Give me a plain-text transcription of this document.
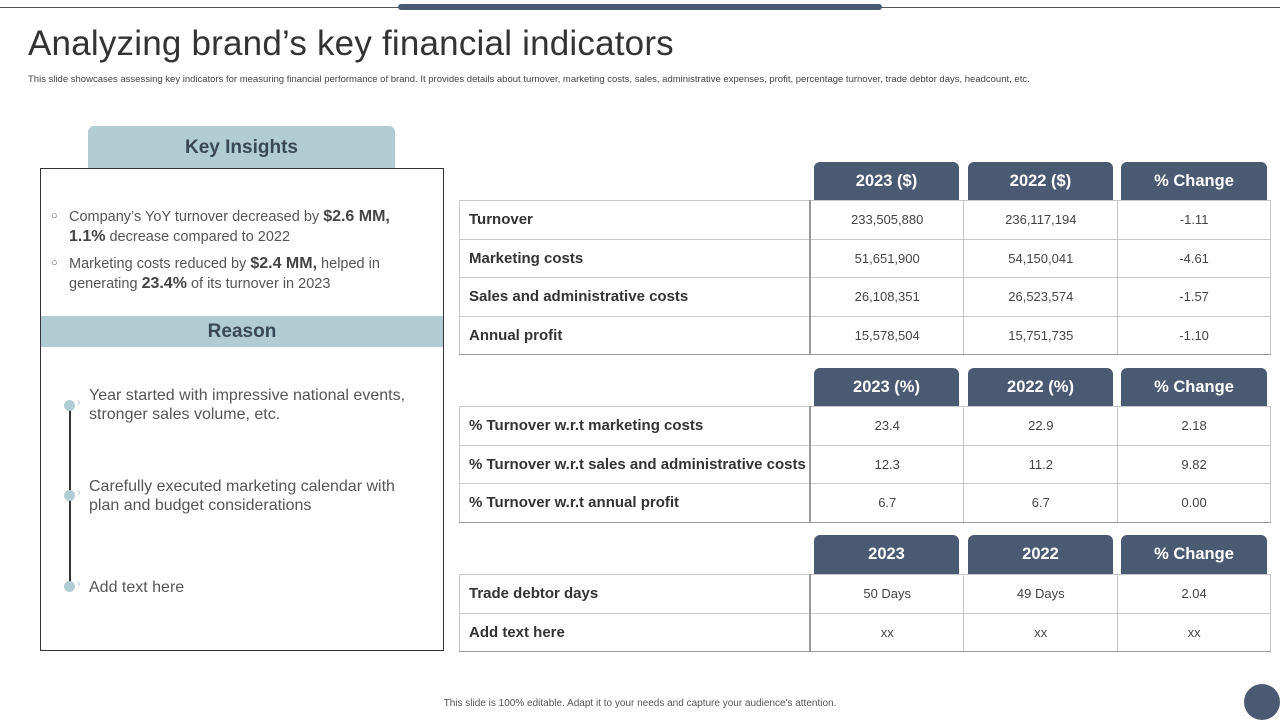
Analyzing brand’s key financial indicators

This slide showcases assessing key indicators for measuring financial performance of brand. It provides details about turnover, marketing costs, sales, administrative expenses, profit, percentage turnover, trade debtor days, headcount, etc.

Key Insights
○ Company’s YoY turnover decreased by $2.6 MM,
1.1% decrease compared to 2022
○ Marketing costs reduced by $2.4 MM, helped in generating 23.4% of its turnover in 2023
Reason
›
›
›
Year started with impressive national events, stronger sales volume, etc.
Carefully executed marketing calendar with plan and budget considerations
Add text here
2023 ($)	2022 ($)	% Change
Turnover	233,505,880	236,117,194	-1.11
Marketing costs	51,651,900	54,150,041	-4.61
Sales and administrative costs	26,108,351	26,523,574	-1.57
Annual profit	15,578,504	15,751,735	-1.10
2023 (%)	2022 (%)	% Change
% Turnover w.r.t marketing costs	23.4	22.9	2.18
% Turnover w.r.t sales and administrative costs	12.3	11.2	9.82
% Turnover w.r.t annual profit	6.7	6.7	0.00
2023	2022	% Change
Trade debtor days	50 Days	49 Days	2.04
Add text here	xx	xx	xx
This slide is 100% editable. Adapt it to your needs and capture your audience's attention.
